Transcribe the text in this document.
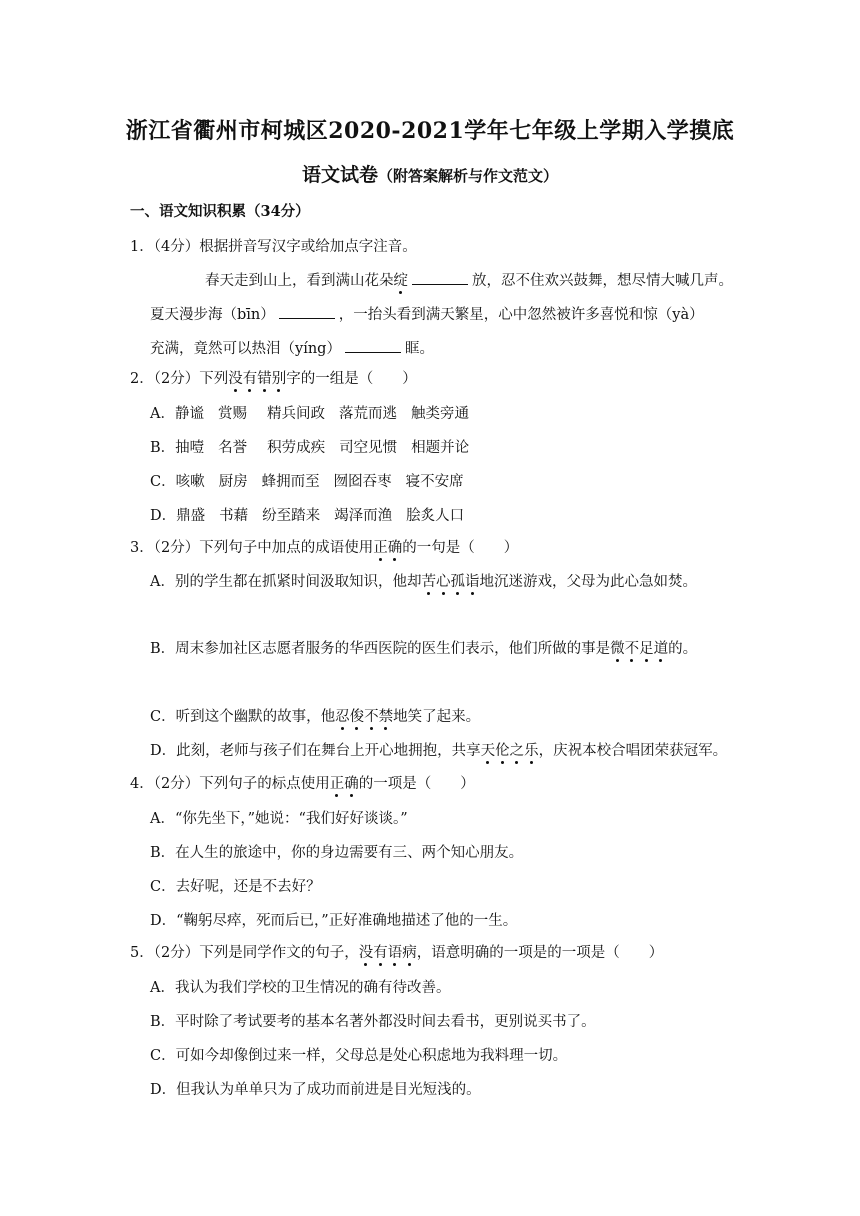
浙江省衢州市柯城区2020-2021学年七年级上学期入学摸底
语文试卷（附答案解析与作文范文）
一、语文知识积累（34分）
1．（4分）根据拼音写汉字或给加点字注音。
春天走到山上，看到满山花朵绽	放，忍不住欢兴鼓舞，想尽情大喊几声。
夏天漫步海（bīn）	，一抬头看到满天繁星，心中忽然被许多喜悦和惊（yà）
充满，竟然可以热泪（yíng）	眶。
2．（2分）下列没有错别字的一组是（　　）
A．静谧 赏赐 精兵间政 落荒而逃 触类旁通
B．抽噎 名誉 积劳成疾 司空见惯 相题并论
C．咳嗽 厨房 蜂拥而至 囫囵吞枣 寝不安席
D．鼎盛 书藉 纷至踏来 竭泽而渔 脍炙人口
3．（2分）下列句子中加点的成语使用正确的一句是（　　）
A．别的学生都在抓紧时间汲取知识，他却苦心孤诣地沉迷游戏，父母为此心急如焚。
B．周末参加社区志愿者服务的华西医院的医生们表示，他们所做的事是微不足道的。
C．听到这个幽默的故事，他忍俊不禁地笑了起来。
D．此刻，老师与孩子们在舞台上开心地拥抱，共享天伦之乐，庆祝本校合唱团荣获冠军。
4．（2分）下列句子的标点使用正确的一项是（　　）
A．“你先坐下，”她说：“我们好好谈谈。”
B．在人生的旅途中，你的身边需要有三、两个知心朋友。
C．去好呢，还是不去好？
D．“鞠躬尽瘁，死而后已，”正好准确地描述了他的一生。
5．（2分）下列是同学作文的句子，没有语病，语意明确的一项是的一项是（　　）
A．我认为我们学校的卫生情况的确有待改善。
B．平时除了考试要考的基本名著外都没时间去看书，更别说买书了。
C．可如今却像倒过来一样，父母总是处心积虑地为我料理一切。
D．但我认为单单只为了成功而前进是目光短浅的。
